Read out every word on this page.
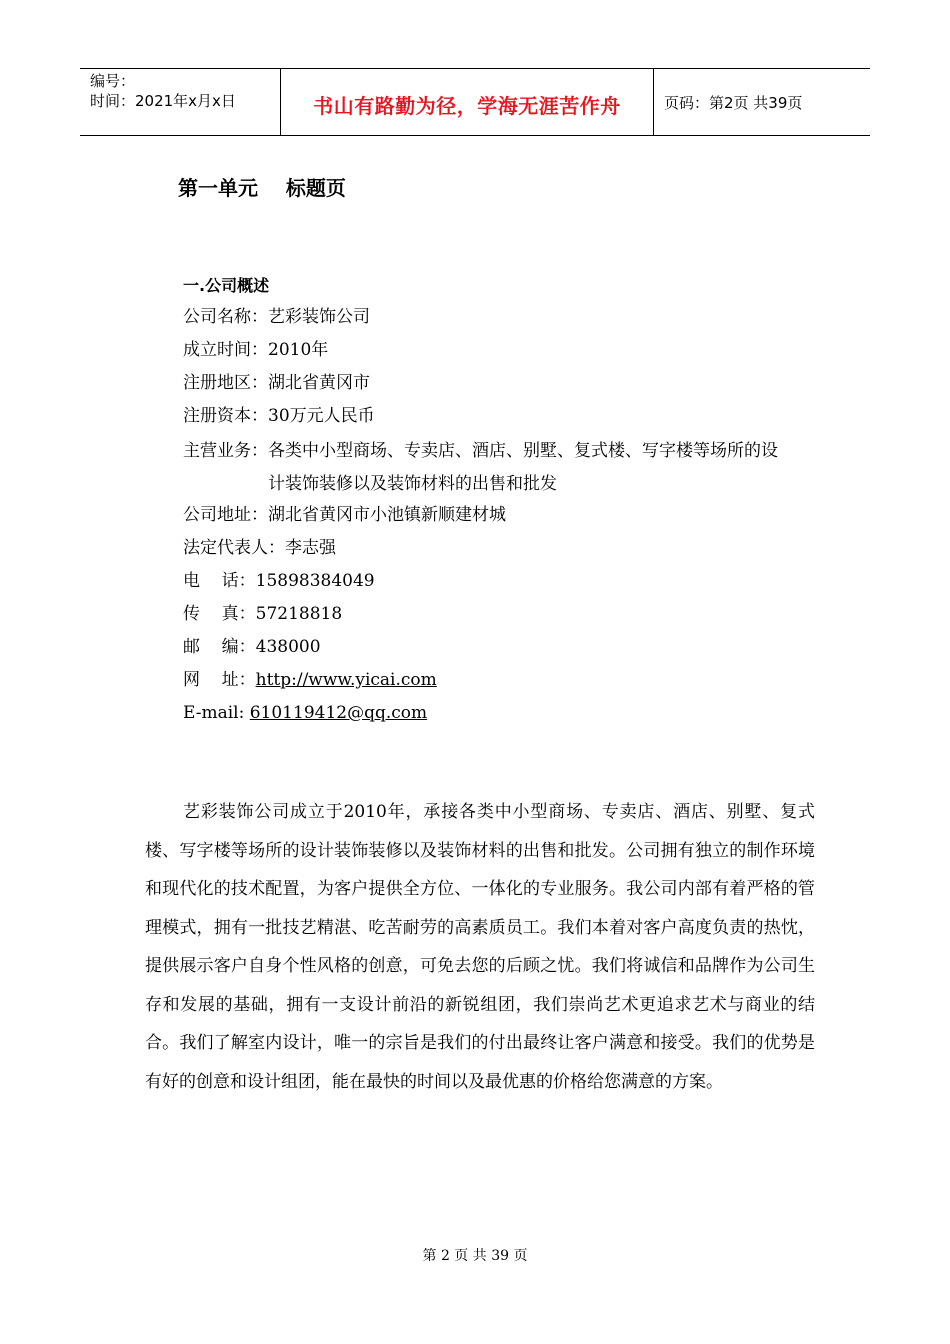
编号：
时间：2021年x月x日	书山有路勤为径，学海无涯苦作舟	页码：第2页 共39页
第一单元    标题页
一.公司概述
公司名称：艺彩装饰公司
成立时间：2010年
注册地区：湖北省黄冈市
注册资本：30万元人民币
主营业务： 各类中小型商场、专卖店、酒店、别墅、复式楼、写字楼等场所的设计装饰装修以及装饰材料的出售和批发
公司地址：湖北省黄冈市小池镇新顺建材城
法定代表人：李志强
电    话：15898384049
传    真：57218818
邮    编：438000
网    址：http://www.yicai.com
E-mail: 610119412@qq.com
艺彩装饰公司成立于2010年，承接各类中小型商场、专卖店、酒店、别墅、复式楼、写字楼等场所的设计装饰装修以及装饰材料的出售和批发。公司拥有独立的制作环境和现代化的技术配置，为客户提供全方位、一体化的专业服务。我公司内部有着严格的管理模式，拥有一批技艺精湛、吃苦耐劳的高素质员工。我们本着对客户高度负责的热忱，提供展示客户自身个性风格的创意，可免去您的后顾之忧。我们将诚信和品牌作为公司生存和发展的基础，拥有一支设计前沿的新锐组团，我们崇尚艺术更追求艺术与商业的结合。我们了解室内设计，唯一的宗旨是我们的付出最终让客户满意和接受。我们的优势是有好的创意和设计组团，能在最快的时间以及最优惠的价格给您满意的方案。
第 2 页 共 39 页
